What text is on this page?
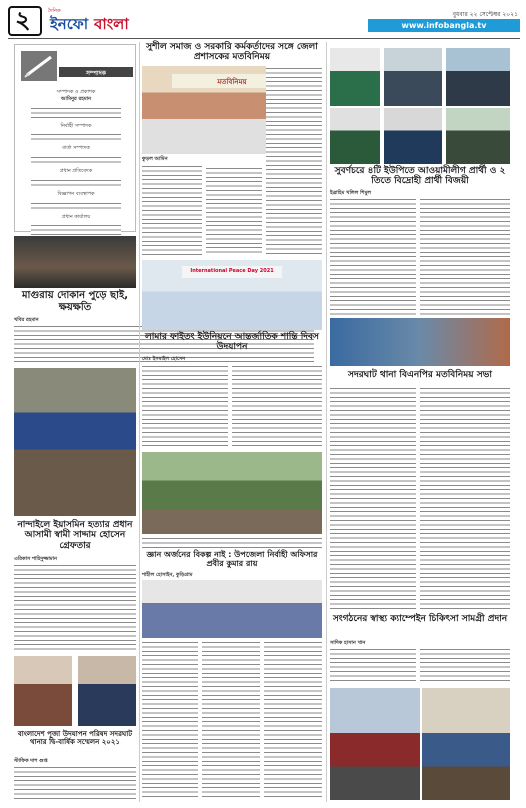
২	দৈনিক
ইনফো বাংলা
বুধবার ২২ সেপ্টেম্বর ২০২১
www.infobangla.tv
সম্পাদক
সম্পাদক ও প্রকাশক
আমিনুর রহমান
নির্বাহী সম্পাদক
বার্তা সম্পাদক
প্রধান প্রতিবেদক
বিজ্ঞাপন ব্যবস্থাপক
প্রধান কার্যালয়
মাগুরায় দোকান পুড়ে ছাই, ক্ষয়ক্ষতি
খবির রহমান
সুশীল সমাজ ও সরকারি কর্মকর্তাদের সঙ্গে জেলা প্রশাসকের মতবিনিময়
মতবিনিময়
কুড়ল আমিন
সুবর্ণচরে ৪টি ইউপিতে আওয়ামীলীগ প্রার্থী ও ২ তিতে বিদ্রোহী প্রার্থী বিজয়ী
ইব্রাহিম খলিল শিমুল
International Peace Day 2021
লামার ফাইতং ইউনিয়নে আন্তর্জাতিক শান্তি দিবস উদযাপন
মোঃ ইসমাইল হোসেন
সদরঘাট থানা বিএনপির মতবিনিময় সভা
নান্দাইলে ইয়াসমিন হত্যার প্রধান আসামী স্বামী সাদ্দাম হোসেন গ্রেফতার
এরিকাস শাহিদুজ্জামান	জ্ঞান অর্জনের বিকল্প নাই : উপজেলা নির্বাহী অফিসার প্রবীর কুমার রায়
শাহীল হোসাইন, কুড়িগ্রাম
বাংলাদেশ পূজা উদযাপন পরিষদ সদরঘাট থানার দ্বি-বার্ষিক সম্মেলন ২০২১
স্টাফিক দাশ গুপ্ত
সংগঠনের স্বাস্থ্য ক্যাম্পেইন চিকিৎসা সামগ্রী প্রদান
সাদিক হাসান খান
